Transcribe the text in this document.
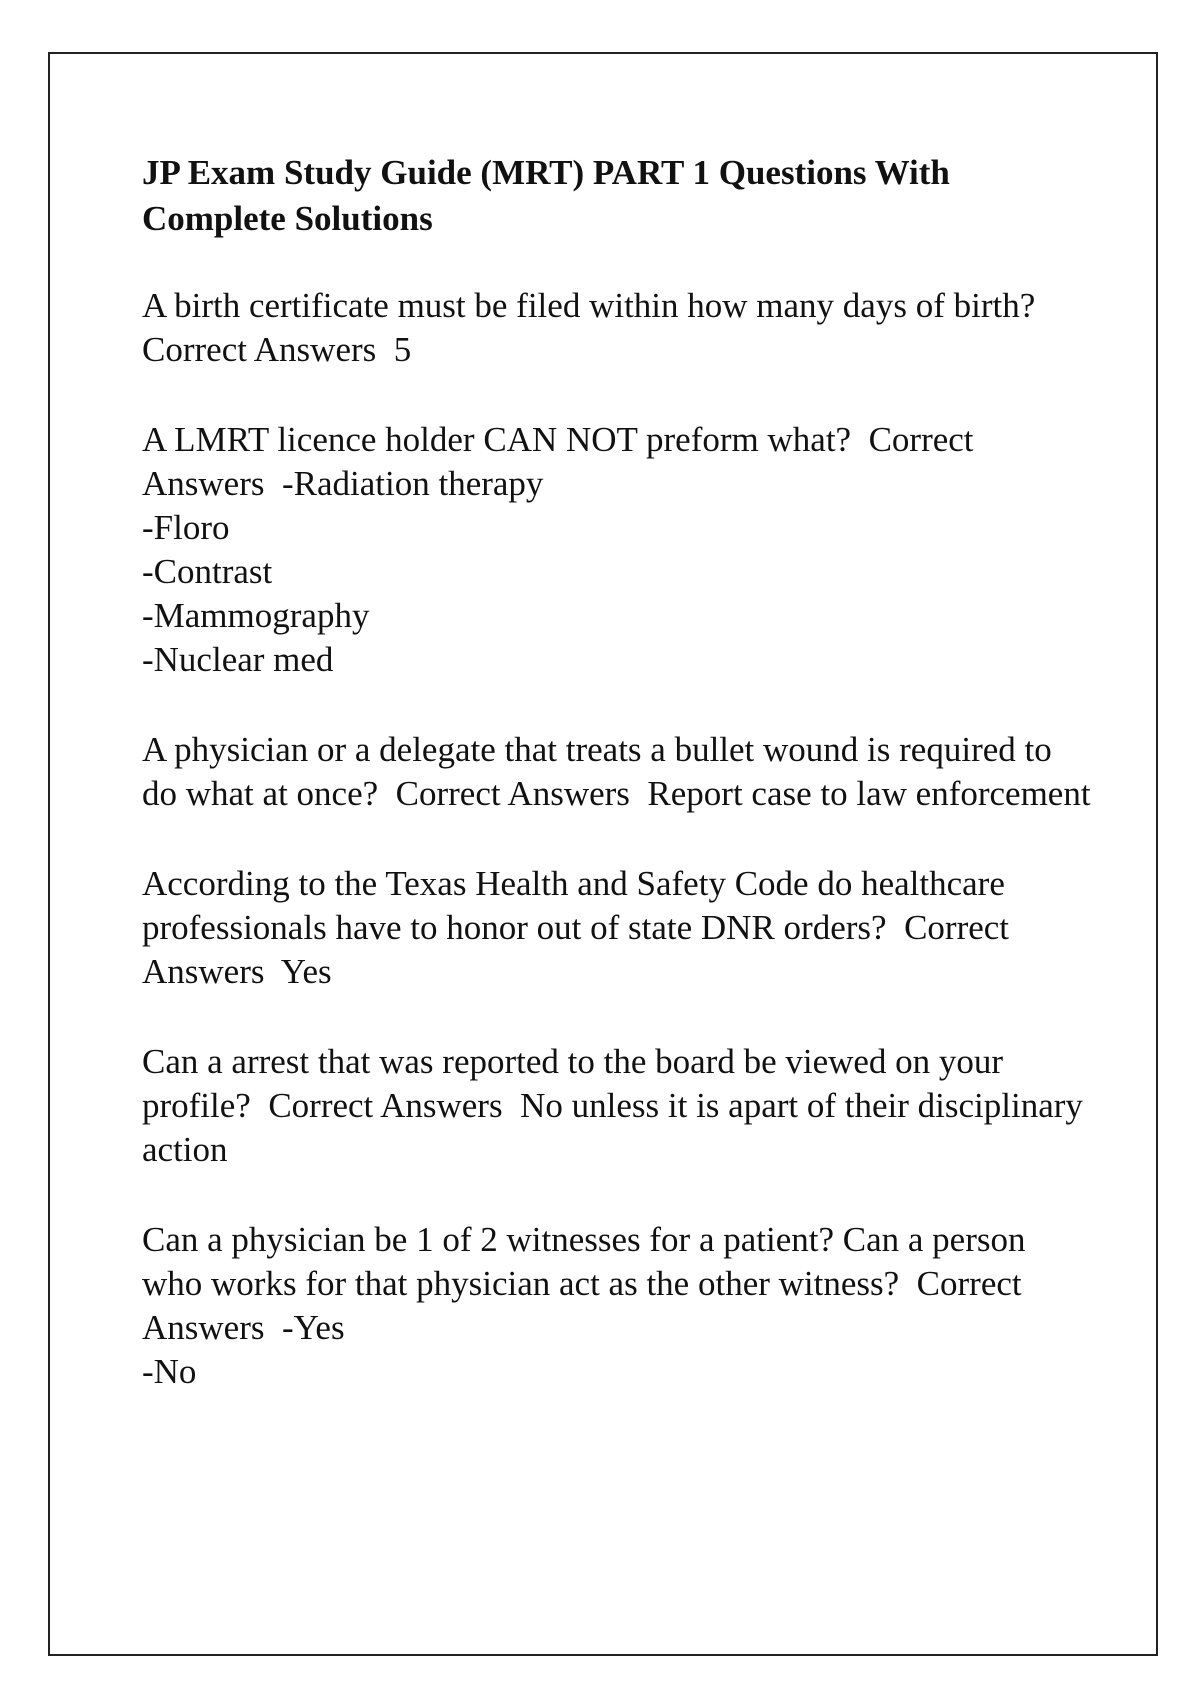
JP Exam Study Guide (MRT) PART 1 Questions With Complete Solutions

A birth certificate must be filed within how many days of birth? Correct Answers 5

A LMRT licence holder CAN NOT preform what? Correct Answers -Radiation therapy

-Floro
-Contrast
-Mammography
-Nuclear med

A physician or a delegate that treats a bullet wound is required to do what at once? Correct Answers Report case to law enforcement

According to the Texas Health and Safety Code do healthcare professionals have to honor out of state DNR orders? Correct Answers Yes

Can a arrest that was reported to the board be viewed on your profile? Correct Answers No unless it is apart of their disciplinary action

Can a physician be 1 of 2 witnesses for a patient? Can a person who works for that physician act as the other witness? Correct Answers -Yes

-No
